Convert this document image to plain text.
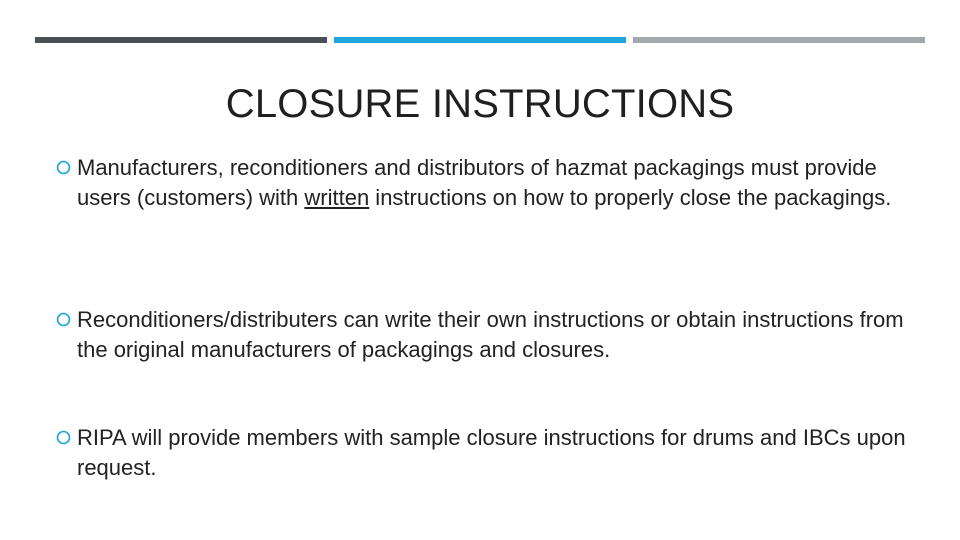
CLOSURE INSTRUCTIONS
Manufacturers, reconditioners and distributors of hazmat packagings must provide users (customers) with written instructions on how to properly close the packagings.
Reconditioners/distributers can write their own instructions or obtain instructions from the original manufacturers of packagings and closures.
RIPA will provide members with sample closure instructions for drums and IBCs upon request.
